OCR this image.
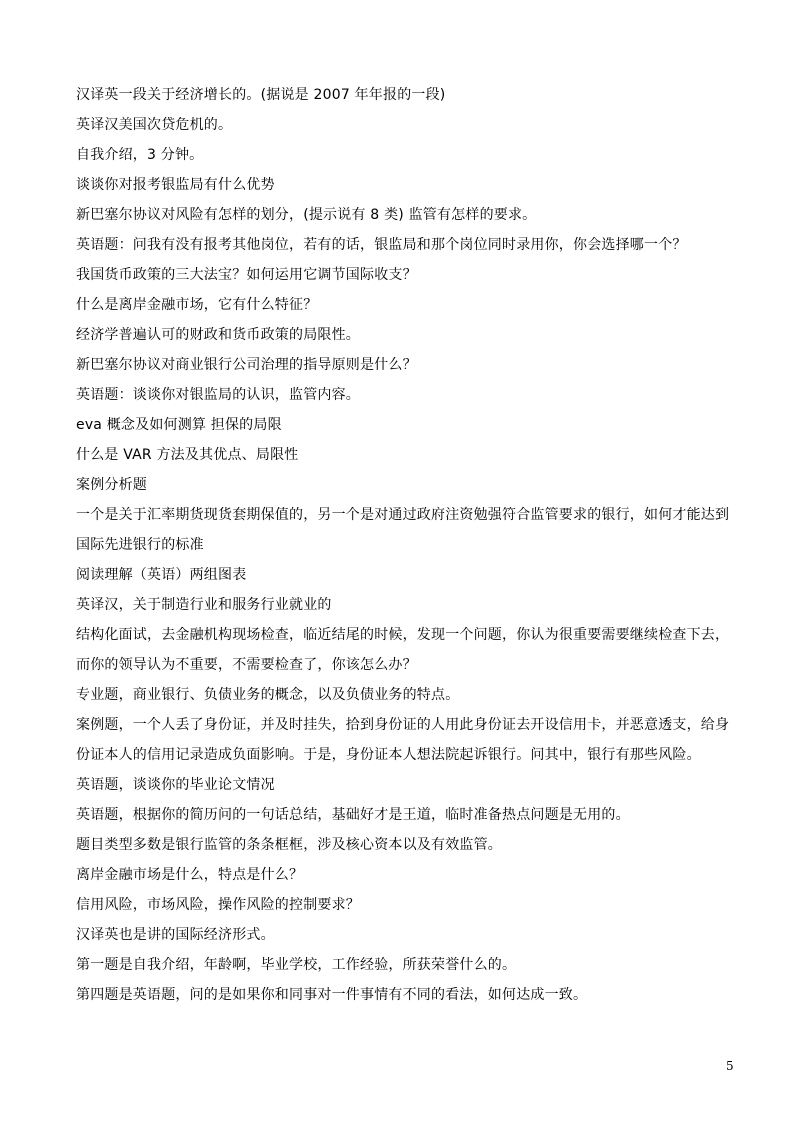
汉译英一段关于经济增长的。(据说是 2007 年年报的一段)
英译汉美国次贷危机的。
自我介绍，3 分钟。
谈谈你对报考银监局有什么优势
新巴塞尔协议对风险有怎样的划分，(提示说有 8 类) 监管有怎样的要求。
英语题：问我有没有报考其他岗位，若有的话，银监局和那个岗位同时录用你，你会选择哪一个？
我国货币政策的三大法宝？如何运用它调节国际收支？
什么是离岸金融市场，它有什么特征？
经济学普遍认可的财政和货币政策的局限性。
新巴塞尔协议对商业银行公司治理的指导原则是什么？
英语题：谈谈你对银监局的认识，监管内容。
eva 概念及如何测算 担保的局限
什么是 VAR 方法及其优点、局限性
案例分析题
一个是关于汇率期货现货套期保值的，另一个是对通过政府注资勉强符合监管要求的银行，如何才能达到国际先进银行的标准
阅读理解（英语）两组图表
英译汉，关于制造行业和服务行业就业的
结构化面试，去金融机构现场检查，临近结尾的时候，发现一个问题，你认为很重要需要继续检查下去，而你的领导认为不重要，不需要检查了，你该怎么办？
专业题，商业银行、负债业务的概念，以及负债业务的特点。
案例题，一个人丢了身份证，并及时挂失，拾到身份证的人用此身份证去开设信用卡，并恶意透支，给身份证本人的信用记录造成负面影响。于是，身份证本人想法院起诉银行。问其中，银行有那些风险。
英语题，谈谈你的毕业论文情况
英语题，根据你的简历问的一句话总结，基础好才是王道，临时准备热点问题是无用的。
题目类型多数是银行监管的条条框框，涉及核心资本以及有效监管。
离岸金融市场是什么，特点是什么？
信用风险，市场风险，操作风险的控制要求？
汉译英也是讲的国际经济形式。
第一题是自我介绍，年龄啊，毕业学校，工作经验，所获荣誉什么的。
第四题是英语题，问的是如果你和同事对一件事情有不同的看法，如何达成一致。
5
